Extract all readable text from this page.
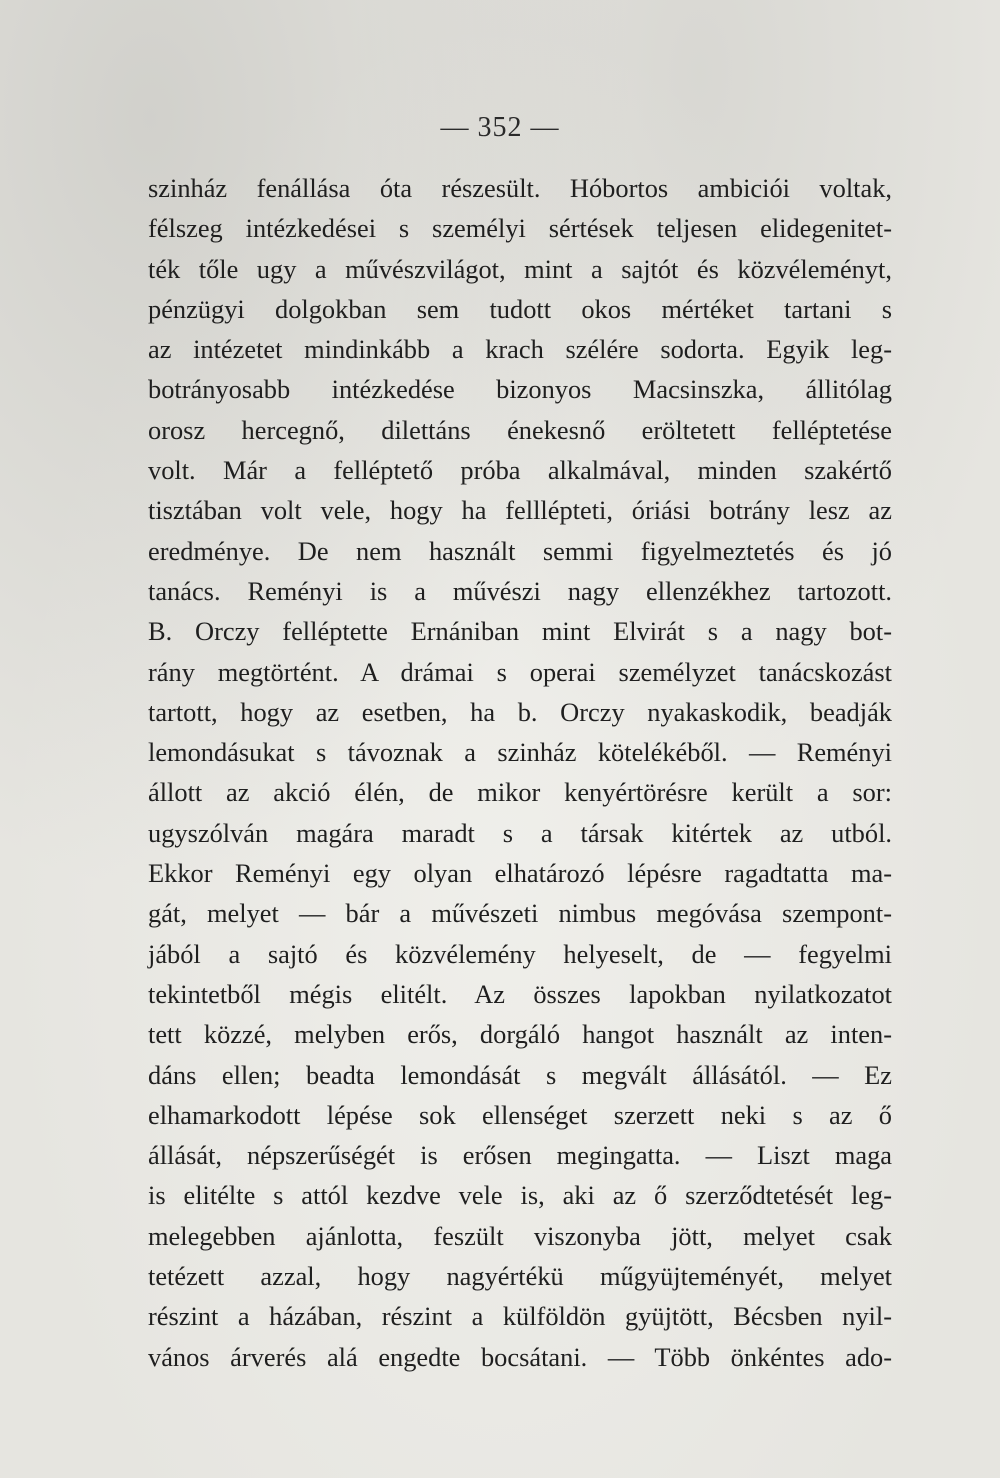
— 352 —
szinház fenállása óta részesült. Hóbortos ambiciói voltak,
félszeg intézkedései s személyi sértések teljesen elidegenitet-
ték tőle ugy a művészvilágot, mint a sajtót és közvéleményt,
pénzügyi dolgokban sem tudott okos mértéket tartani s
az intézetet mindinkább a krach szélére sodorta. Egyik leg-
botrányosabb intézkedése bizonyos Macsinszka, állitólag
orosz hercegnő, dilettáns énekesnő eröltetett felléptetése
volt. Már a felléptető próba alkalmával, minden szakértő
tisztában volt vele, hogy ha felllépteti, óriási botrány lesz az
eredménye. De nem használt semmi figyelmeztetés és jó
tanács. Reményi is a művészi nagy ellenzékhez tartozott.
B. Orczy felléptette Ernániban mint Elvirát s a nagy bot-
rány megtörtént. A drámai s operai személyzet tanácskozást
tartott, hogy az esetben, ha b. Orczy nyakaskodik, beadják
lemondásukat s távoznak a szinház kötelékéből. — Reményi
állott az akció élén, de mikor kenyértörésre került a sor:
ugyszólván magára maradt s a társak kitértek az utból.
Ekkor Reményi egy olyan elhatározó lépésre ragadtatta ma-
gát, melyet — bár a művészeti nimbus megóvása szempont-
jából a sajtó és közvélemény helyeselt, de — fegyelmi
tekintetből mégis elitélt. Az összes lapokban nyilatkozatot
tett közzé, melyben erős, dorgáló hangot használt az inten-
dáns ellen; beadta lemondását s megvált állásától. — Ez
elhamarkodott lépése sok ellenséget szerzett neki s az ő
állását, népszerűségét is erősen megingatta. — Liszt maga
is elitélte s attól kezdve vele is, aki az ő szerződtetését leg-
melegebben ajánlotta, feszült viszonyba jött, melyet csak
tetézett azzal, hogy nagyértékü műgyüjteményét, melyet
részint a házában, részint a külföldön gyüjtött, Bécsben nyil-
vános árverés alá engedte bocsátani. — Több önkéntes ado-
